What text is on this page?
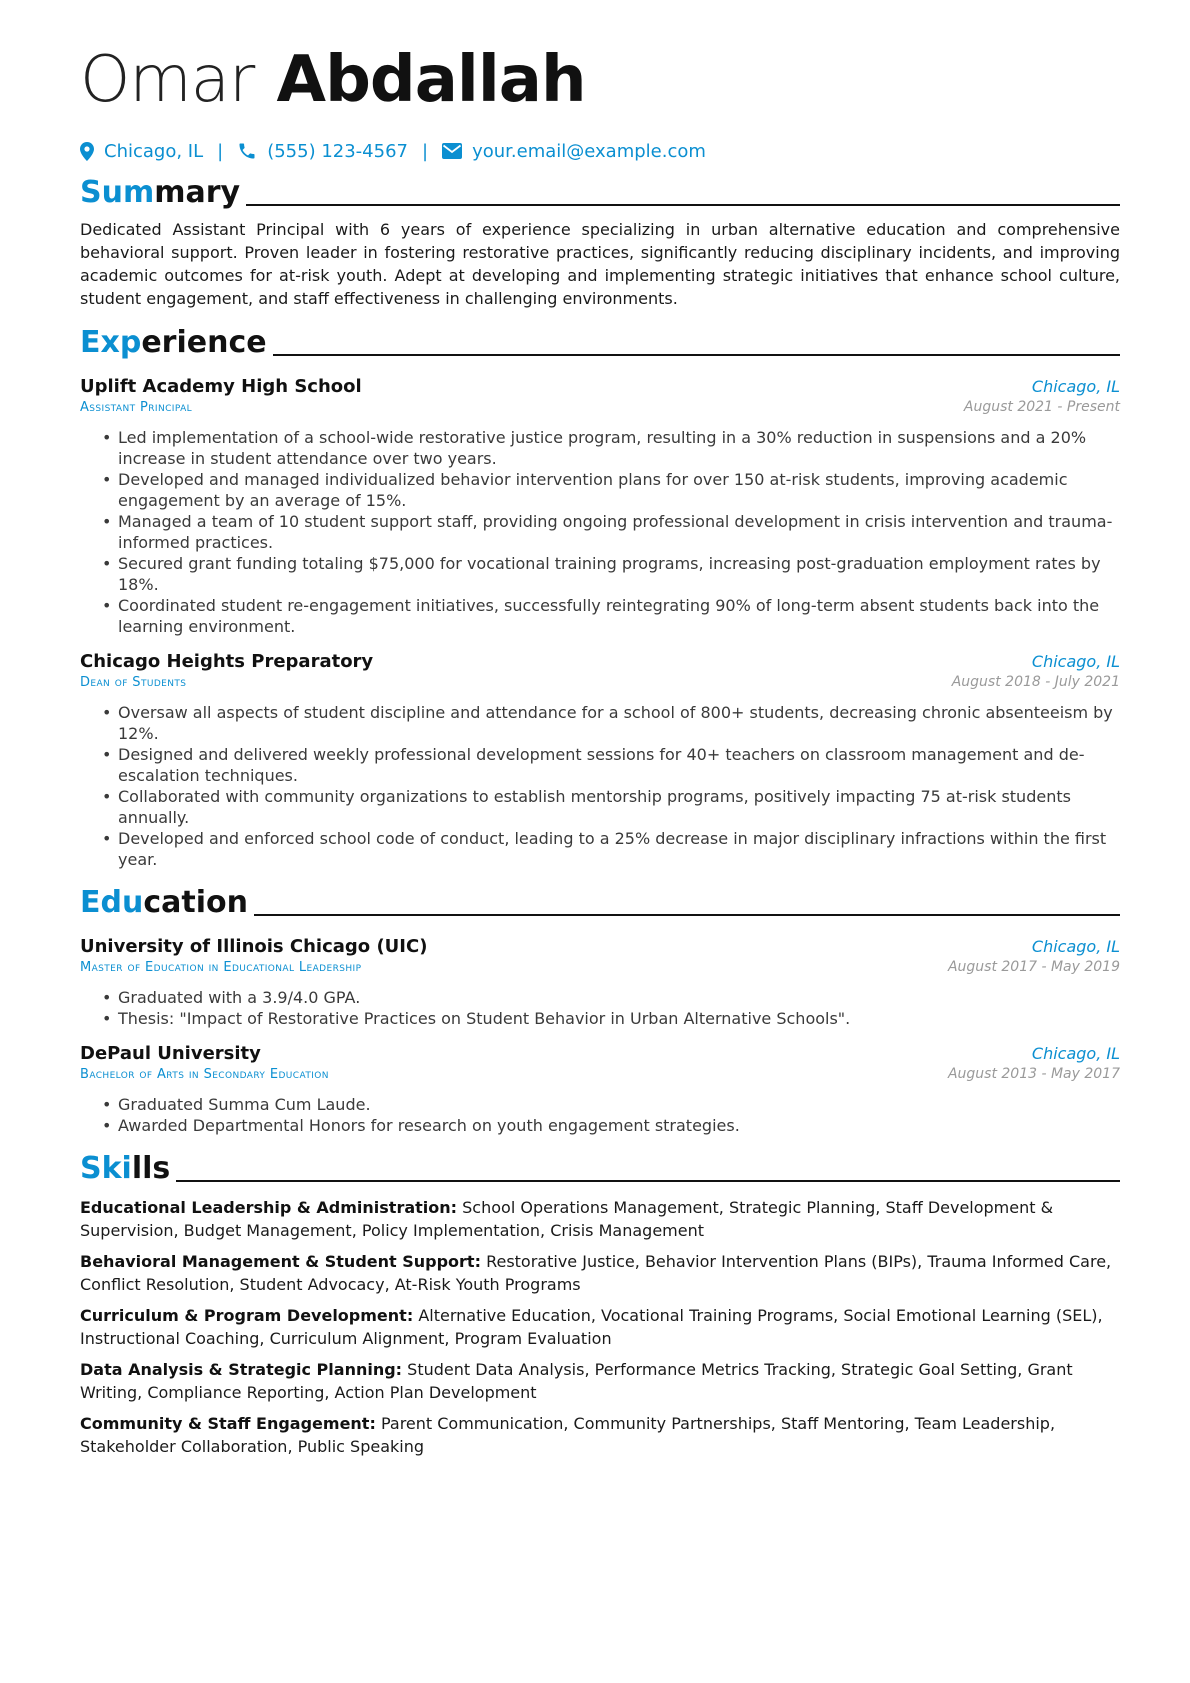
Omar Abdallah
Chicago, IL | (555) 123-4567 | your.email@example.com
Summary
Dedicated Assistant Principal with 6 years of experience specializing in urban alternative education and comprehensive behavioral support. Proven leader in fostering restorative practices, significantly reducing disciplinary incidents, and improving academic outcomes for at-risk youth. Adept at developing and implementing strategic initiatives that enhance school culture, student engagement, and staff effectiveness in challenging environments.
Experience
Uplift Academy High School	Chicago, IL
Assistant Principal	August 2021 - Present
• Led implementation of a school-wide restorative justice program, resulting in a 30% reduction in suspensions and a 20% increase in student attendance over two years.
• Developed and managed individualized behavior intervention plans for over 150 at-risk students, improving academic engagement by an average of 15%.
• Managed a team of 10 student support staff, providing ongoing professional development in crisis intervention and trauma-informed practices.
• Secured grant funding totaling $75,000 for vocational training programs, increasing post-graduation employment rates by 18%.
• Coordinated student re-engagement initiatives, successfully reintegrating 90% of long-term absent students back into the learning environment.
Chicago Heights Preparatory	Chicago, IL
Dean of Students	August 2018 - July 2021
• Oversaw all aspects of student discipline and attendance for a school of 800+ students, decreasing chronic absenteeism by 12%.
• Designed and delivered weekly professional development sessions for 40+ teachers on classroom management and de-escalation techniques.
• Collaborated with community organizations to establish mentorship programs, positively impacting 75 at-risk students annually.
• Developed and enforced school code of conduct, leading to a 25% decrease in major disciplinary infractions within the first year.
Education
University of Illinois Chicago (UIC)	Chicago, IL
Master of Education in Educational Leadership	August 2017 - May 2019
• Graduated with a 3.9/4.0 GPA.
• Thesis: "Impact of Restorative Practices on Student Behavior in Urban Alternative Schools".
DePaul University	Chicago, IL
Bachelor of Arts in Secondary Education	August 2013 - May 2017
• Graduated Summa Cum Laude.
• Awarded Departmental Honors for research on youth engagement strategies.
Skills
Educational Leadership & Administration: School Operations Management, Strategic Planning, Staff Development & Supervision, Budget Management, Policy Implementation, Crisis Management
Behavioral Management & Student Support: Restorative Justice, Behavior Intervention Plans (BIPs), Trauma Informed Care, Conflict Resolution, Student Advocacy, At-Risk Youth Programs
Curriculum & Program Development: Alternative Education, Vocational Training Programs, Social Emotional Learning (SEL), Instructional Coaching, Curriculum Alignment, Program Evaluation
Data Analysis & Strategic Planning: Student Data Analysis, Performance Metrics Tracking, Strategic Goal Setting, Grant Writing, Compliance Reporting, Action Plan Development
Community & Staff Engagement: Parent Communication, Community Partnerships, Staff Mentoring, Team Leadership, Stakeholder Collaboration, Public Speaking
